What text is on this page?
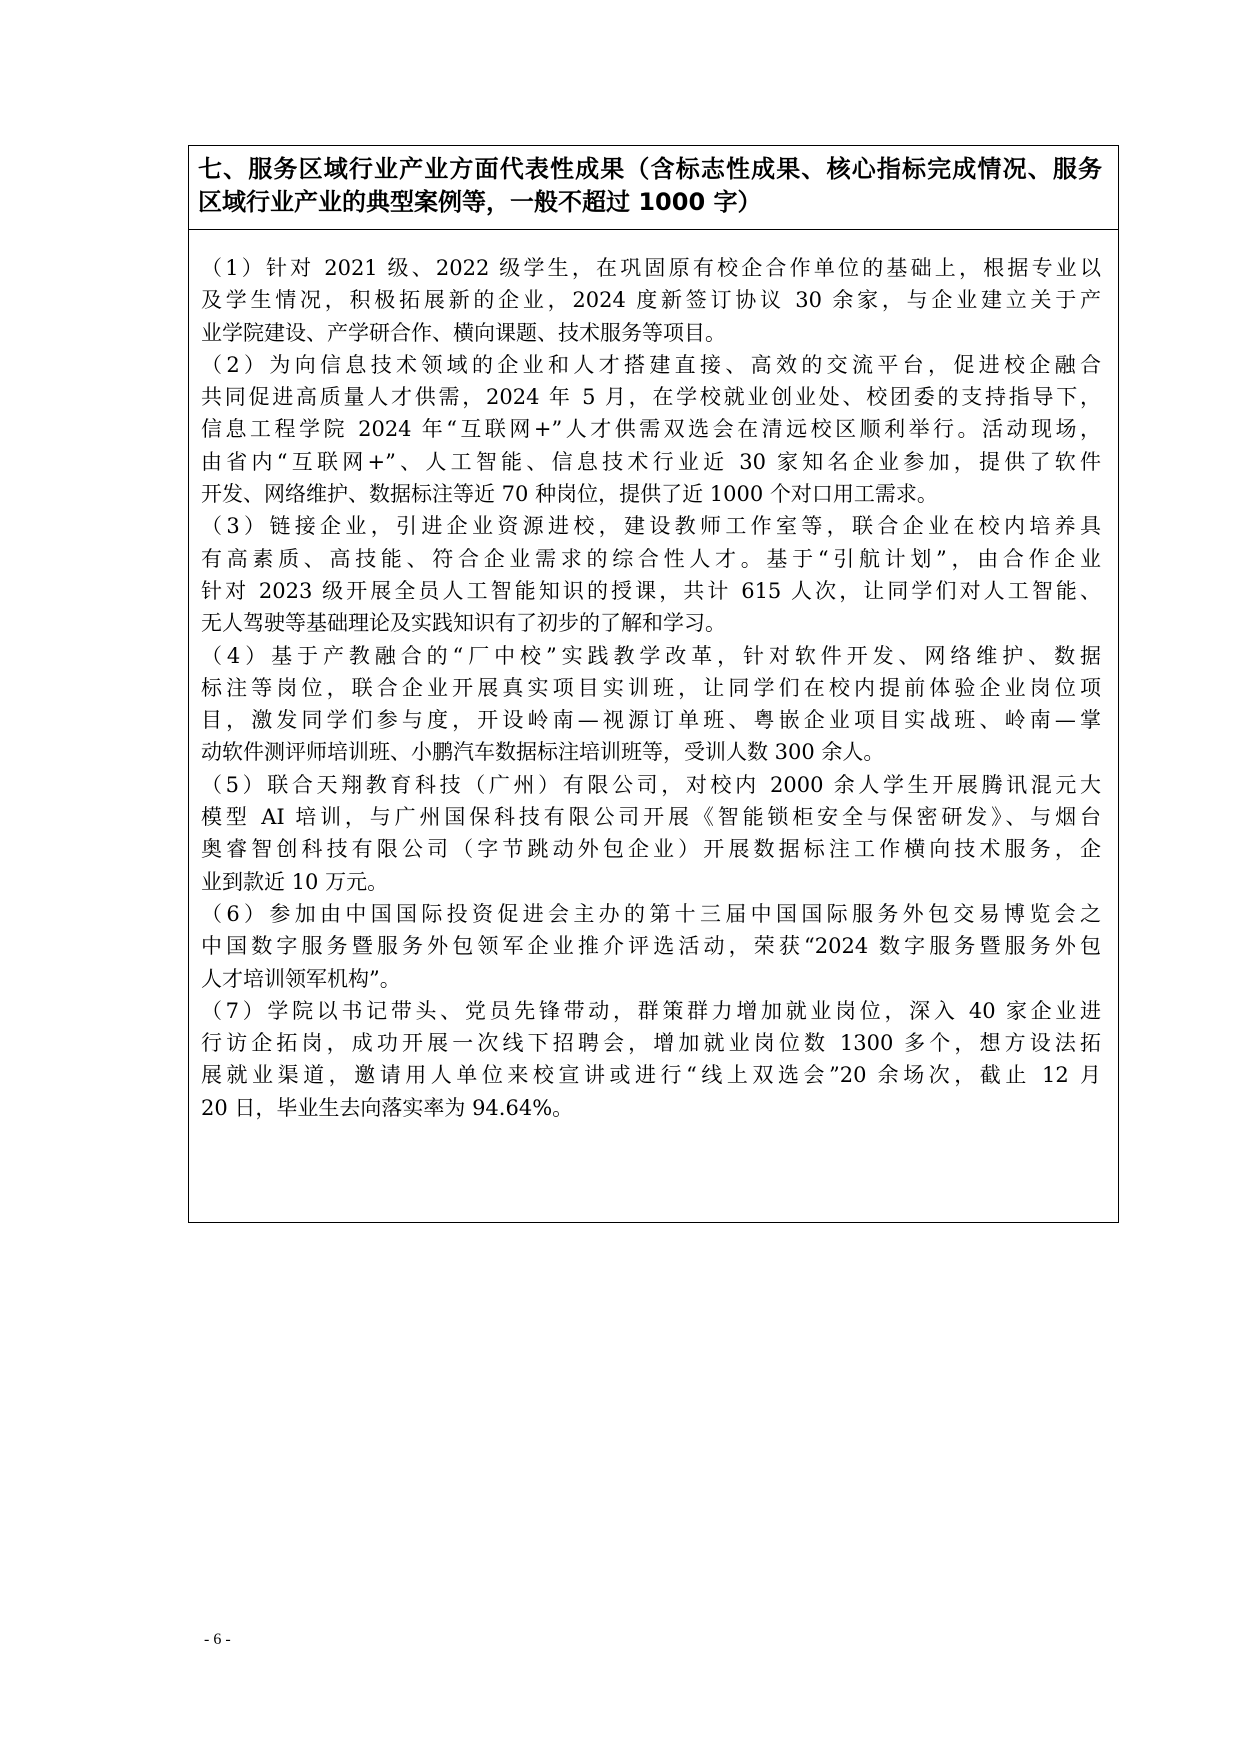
七、服务区域行业产业方面代表性成果（含标志性成果、核心指标完成情况、服务
区域行业产业的典型案例等，一般不超过 1000 字）
（1）针对 2021 级、2022 级学生，在巩固原有校企合作单位的基础上，根据专业以
及学生情况，积极拓展新的企业，2024 度新签订协议 30 余家，与企业建立关于产
业学院建设、产学研合作、横向课题、技术服务等项目。
（2）为向信息技术领域的企业和人才搭建直接、高效的交流平台，促进校企融合
共同促进高质量人才供需，2024 年 5 月，在学校就业创业处、校团委的支持指导下，
信息工程学院 2024 年“互联网+”人才供需双选会在清远校区顺利举行。活动现场，
由省内“互联网+”、人工智能、信息技术行业近 30 家知名企业参加，提供了软件
开发、网络维护、数据标注等近 70 种岗位，提供了近 1000 个对口用工需求。
（3）链接企业，引进企业资源进校，建设教师工作室等，联合企业在校内培养具
有高素质、高技能、符合企业需求的综合性人才。基于“引航计划”，由合作企业
针对 2023 级开展全员人工智能知识的授课，共计 615 人次，让同学们对人工智能、
无人驾驶等基础理论及实践知识有了初步的了解和学习。
（4）基于产教融合的“厂中校”实践教学改革，针对软件开发、网络维护、数据
标注等岗位，联合企业开展真实项目实训班，让同学们在校内提前体验企业岗位项
目，激发同学们参与度，开设岭南—视源订单班、粤嵌企业项目实战班、岭南—掌
动软件测评师培训班、小鹏汽车数据标注培训班等，受训人数 300 余人。
（5）联合天翔教育科技（广州）有限公司，对校内 2000 余人学生开展腾讯混元大
模型 AI 培训，与广州国保科技有限公司开展《智能锁柜安全与保密研发》、与烟台
奥睿智创科技有限公司（字节跳动外包企业）开展数据标注工作横向技术服务，企
业到款近 10 万元。
（6）参加由中国国际投资促进会主办的第十三届中国国际服务外包交易博览会之
中国数字服务暨服务外包领军企业推介评选活动，荣获“2024 数字服务暨服务外包
人才培训领军机构”。
（7）学院以书记带头、党员先锋带动，群策群力增加就业岗位，深入 40 家企业进
行访企拓岗，成功开展一次线下招聘会，增加就业岗位数 1300 多个，想方设法拓
展就业渠道，邀请用人单位来校宣讲或进行“线上双选会”20 余场次，截止 12 月
20 日，毕业生去向落实率为 94.64%。
- 6 -
